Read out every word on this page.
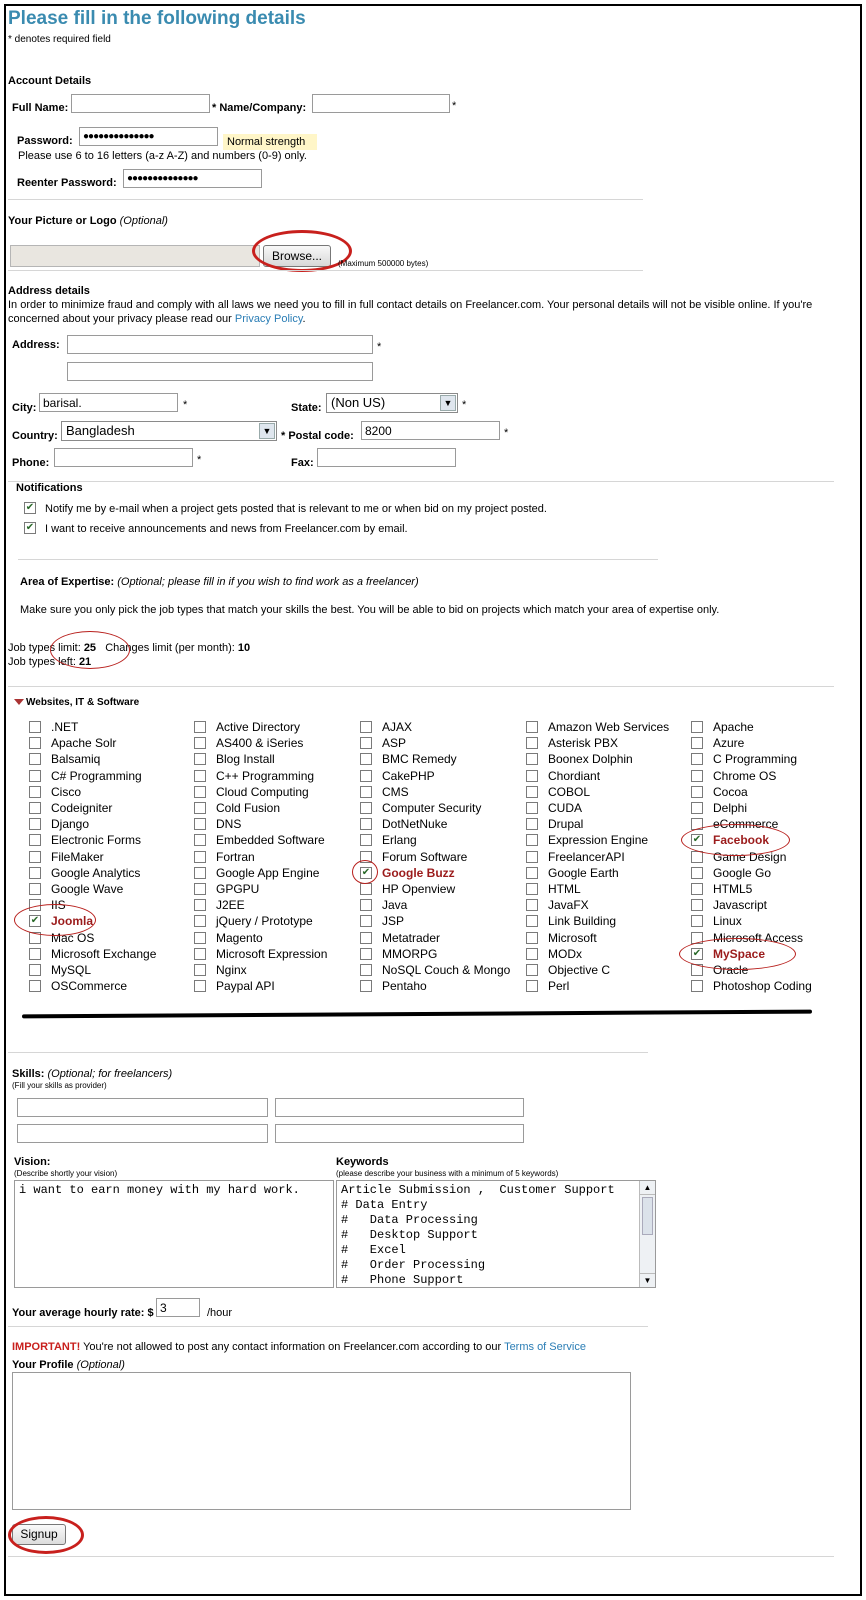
Please fill in the following details
* denotes required field
Account Details
Full Name:	* Name/Company:	*
Password:
●●●●●●●●●●●●●●	Normal strength
Please use 6 to 16 letters (a-z A-Z) and numbers (0-9) only.
Reenter Password:
●●●●●●●●●●●●●●
Your Picture or Logo (Optional)
Browse...
(Maximum 500000 bytes)
Address details
In order to minimize fraud and comply with all laws we need you to fill in full contact details on Freelancer.com. Your personal details will not be visible online. If you're concerned about your privacy please read our Privacy Policy.
Address:	*
City:
barisal.	*	State: (Non US)	▼ *
Country: Bangladesh	▼ * Postal code:
8200	*
Phone:	*	Fax:
Notifications
✔ Notify me by e-mail when a project gets posted that is relevant to me or when bid on my project posted.
✔ I want to receive announcements and news from Freelancer.com by email.
Area of Expertise: (Optional; please fill in if you wish to find work as a freelancer)
Make sure you only pick the job types that match your skills the best. You will be able to bid on projects which match your area of expertise only.
Job types limit: 25 Changes limit (per month): 10
Job types left: 21
Websites, IT & Software
.NET	Active Directory	AJAX	Amazon Web Services	Apache
Apache Solr	AS400 & iSeries	ASP	Asterisk PBX	Azure
Balsamiq	Blog Install	BMC Remedy	Boonex Dolphin	C Programming
C# Programming	C++ Programming	CakePHP	Chordiant	Chrome OS
Cisco	Cloud Computing	CMS	COBOL	Cocoa
Codeigniter	Cold Fusion	Computer Security	CUDA	Delphi
Django	DNS	DotNetNuke	Drupal	eCommerce
Electronic Forms	Embedded Software	Erlang	Expression Engine	✔ Facebook
FileMaker	Fortran	Forum Software	FreelancerAPI	Game Design
Google Analytics	Google App Engine	✔ Google Buzz	Google Earth	Google Go
Google Wave	GPGPU	HP Openview	HTML	HTML5
IIS	J2EE	Java	JavaFX	Javascript
✔ Joomla	jQuery / Prototype	JSP	Link Building	Linux
Mac OS	Magento	Metatrader	Microsoft	Microsoft Access
Microsoft Exchange	Microsoft Expression	MMORPG	MODx	✔ MySpace
MySQL	Nginx	NoSQL Couch & Mongo	Objective C	Oracle
OSCommerce	Paypal API	Pentaho	Perl	Photoshop Coding
Skills: (Optional; for freelancers)
(Fill your skills as provider)
Vision:
(Describe shortly your vision)
i want to earn money with my hard work.
Keywords
(please describe your business with a minimum of 5 keywords)
Article Submission , Customer Support # Data Entry # Data Processing # Desktop Support # Excel # Order Processing # Phone Support
▲
▼
Your average hourly rate: $
3	/hour
IMPORTANT! You're not allowed to post any contact information on Freelancer.com according to our Terms of Service
Your Profile (Optional)
Signup
